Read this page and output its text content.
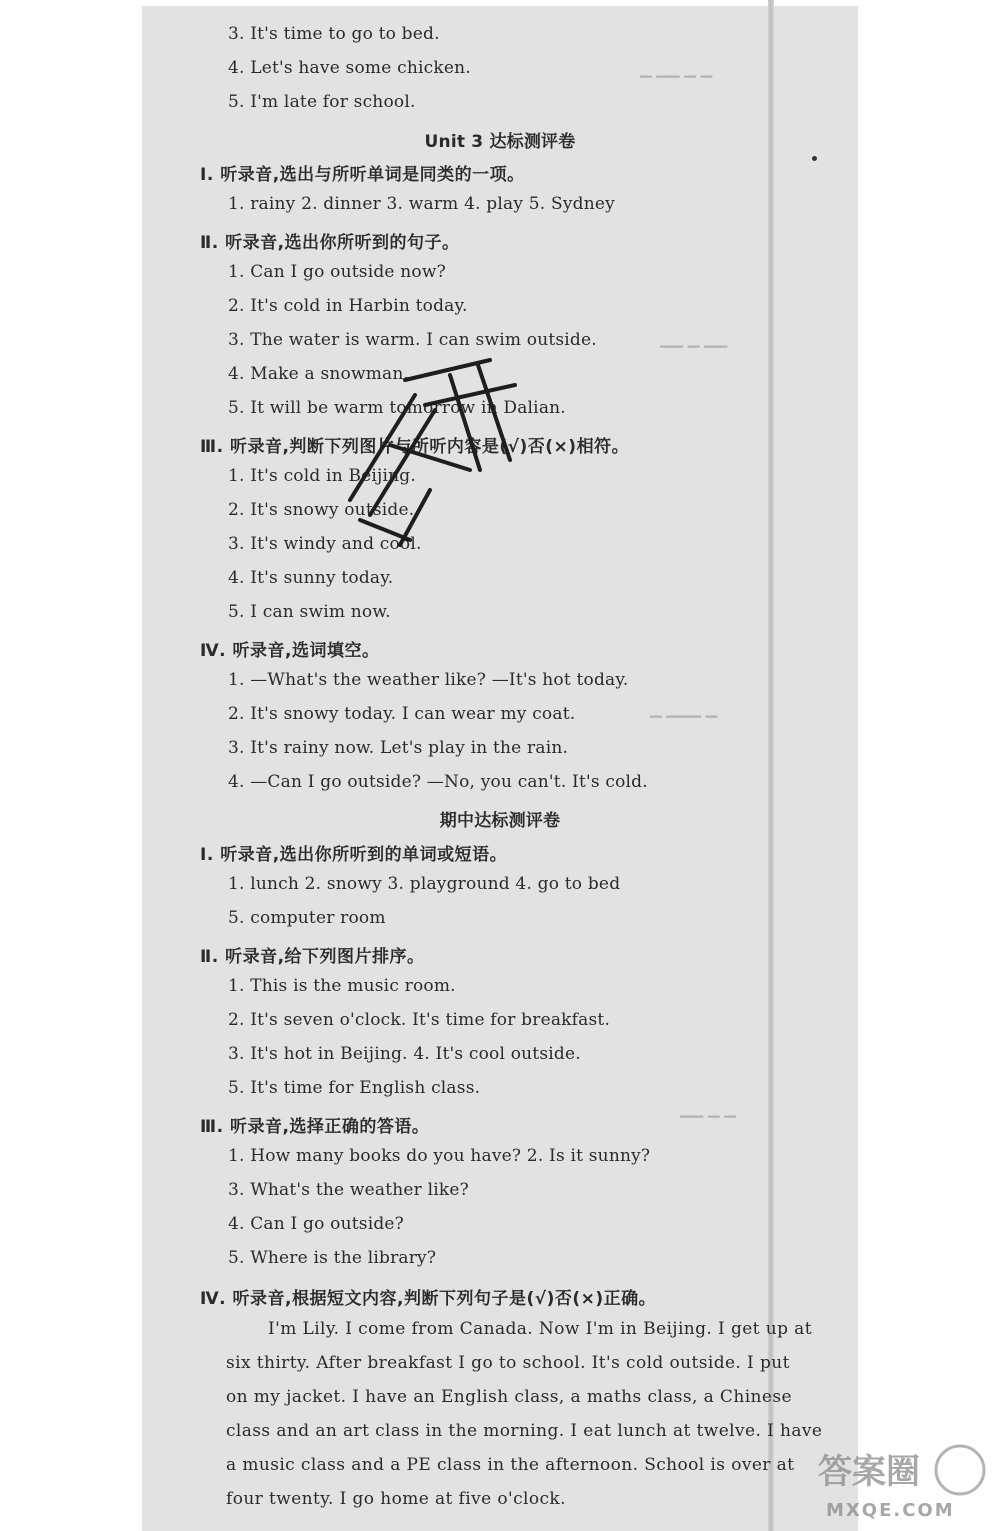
▁ ▁▁ ▁ ▁
▁▁ ▁ ▁▁
▁ ▁▁▁ ▁
▁▁ ▁ ▁
3. It's time to go to bed.
4. Let's have some chicken.
5. I'm late for school.
Unit 3 达标测评卷
Ⅰ. 听录音,选出与所听单词是同类的一项。
1. rainy 2. dinner 3. warm 4. play 5. Sydney
Ⅱ. 听录音,选出你所听到的句子。
1. Can I go outside now?
2. It's cold in Harbin today.
3. The water is warm. I can swim outside.
4. Make a snowman.
5. It will be warm tomorrow in Dalian.
Ⅲ. 听录音,判断下列图片与所听内容是(√)否(×)相符。
1. It's cold in Beijing.
2. It's snowy outside.
3. It's windy and cool.
4. It's sunny today.
5. I can swim now.
Ⅳ. 听录音,选词填空。
1. —What's the weather like? —It's hot today.
2. It's snowy today. I can wear my coat.
3. It's rainy now. Let's play in the rain.
4. —Can I go outside? —No, you can't. It's cold.
期中达标测评卷
Ⅰ. 听录音,选出你所听到的单词或短语。
1. lunch 2. snowy 3. playground 4. go to bed
5. computer room
Ⅱ. 听录音,给下列图片排序。
1. This is the music room.
2. It's seven o'clock. It's time for breakfast.
3. It's hot in Beijing. 4. It's cool outside.
5. It's time for English class.
Ⅲ. 听录音,选择正确的答语。
1. How many books do you have? 2. Is it sunny?
3. What's the weather like?
4. Can I go outside?
5. Where is the library?
Ⅳ. 听录音,根据短文内容,判断下列句子是(√)否(×)正确。
I'm Lily. I come from Canada. Now I'm in Beijing. I get up at
six thirty. After breakfast I go to school. It's cold outside. I put
on my jacket. I have an English class, a maths class, a Chinese
class and an art class in the morning. I eat lunch at twelve. I have
a music class and a PE class in the afternoon. School is over at
four twenty. I go home at five o'clock.
答案圈
MXQE.COM
